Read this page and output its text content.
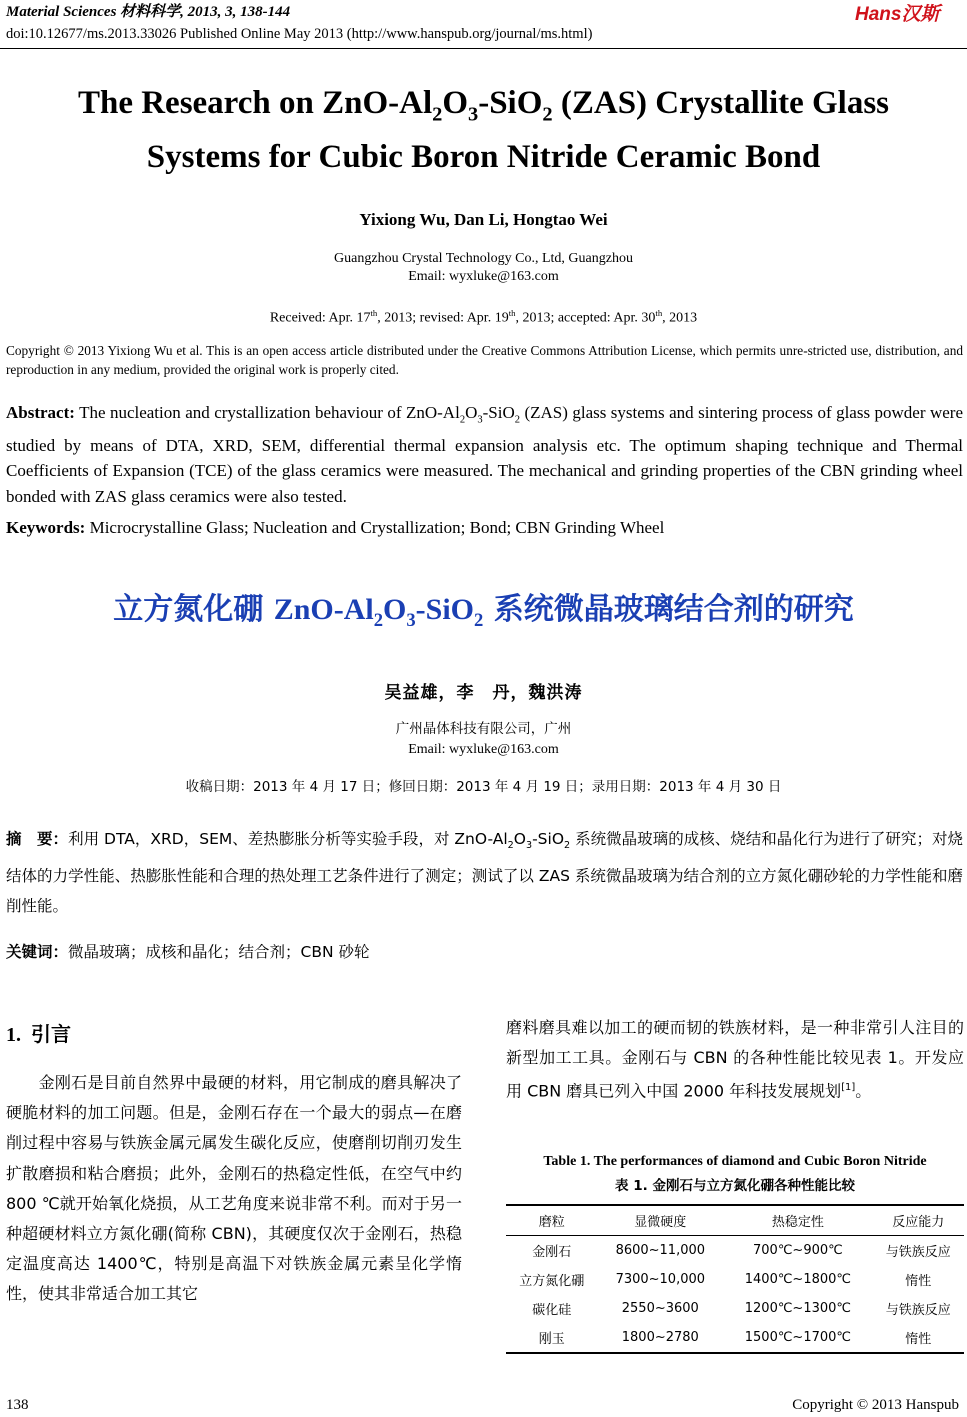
Material Sciences 材料科学, 2013, 3, 138-144
doi:10.12677/ms.2013.33026 Published Online May 2013 (http://www.hanspub.org/journal/ms.html)
Hans汉斯
The Research on ZnO-$Al_2O_3-SiO_2$ (ZAS) Crystallite Glass
Systems for Cubic Boron Nitride Ceramic Bond
Yixiong Wu, Dan Li, Hongtao Wei
Guangzhou Crystal Technology Co., Ltd, Guangzhou
Email: wyxluke@163.com
Received: Apr. 17th, 2013; revised: Apr. 19th, 2013; accepted: Apr. 30th, 2013
Copyright © 2013 Yixiong Wu et al. This is an open access article distributed under the Creative Commons Attribution License, which permits unre-stricted use, distribution, and reproduction in any medium, provided the original work is properly cited.
Abstract: The nucleation and crystallization behaviour of ZnO-$Al_2O_3-SiO_2$ (ZAS) glass systems and sintering process of glass powder were studied by means of DTA, XRD, SEM, differential thermal expansion analysis etc. The optimum shaping technique and Thermal Coefficients of Expansion (TCE) of the glass ceramics were measured. The mechanical and grinding properties of the CBN grinding wheel bonded with ZAS glass ceramics were also tested.
Keywords: Microcrystalline Glass; Nucleation and Crystallization; Bond; CBN Grinding Wheel
立方氮化硼 ZnO-$Al_2O_3-SiO_2$ 系统微晶玻璃结合剂的研究
吴益雄，李　丹，魏洪涛
广州晶体科技有限公司，广州
Email: wyxluke@163.com
收稿日期：2013 年 4 月 17 日；修回日期：2013 年 4 月 19 日；录用日期：2013 年 4 月 30 日
摘　要：利用 DTA，XRD，SEM、差热膨胀分析等实验手段，对 ZnO-$Al_2O_3-SiO_2$ 系统微晶玻璃的成核、烧结和晶化行为进行了研究；对烧结体的力学性能、热膨胀性能和合理的热处理工艺条件进行了测定；测试了以 ZAS 系统微晶玻璃为结合剂的立方氮化硼砂轮的力学性能和磨削性能。
关键词：微晶玻璃；成核和晶化；结合剂；CBN 砂轮
1. 引言
　　金刚石是目前自然界中最硬的材料，用它制成的磨具解决了硬脆材料的加工问题。但是，金刚石存在一个最大的弱点—在磨削过程中容易与铁族金属元属发生碳化反应，使磨削切削刃发生扩散磨损和粘合磨损；此外，金刚石的热稳定性低，在空气中约 800 ℃就开始氧化烧损，从工艺角度来说非常不利。而对于另一种超硬材料立方氮化硼(简称 CBN)，其硬度仅次于金刚石，热稳定温度高达 1400℃，特别是高温下对铁族金属元素呈化学惰性，使其非常适合加工其它
磨料磨具难以加工的硬而韧的铁族材料，是一种非常引人注目的新型加工工具。金刚石与 CBN 的各种性能比较见表 1。开发应用 CBN 磨具已列入中国 2000 年科技发展规划[1]。
Table 1. The performances of diamond and Cubic Boron Nitride
表 1. 金刚石与立方氮化硼各种性能比较
磨粒	显微硬度	热稳定性	反应能力
金刚石	8600~11,000	700℃~900℃	与铁族反应
立方氮化硼	7300~10,000	1400℃~1800℃	惰性
碳化硅	2550~3600	1200℃~1300℃	与铁族反应
刚玉	1800~2780	1500℃~1700℃	惰性
138	Copyright © 2013 Hanspub
